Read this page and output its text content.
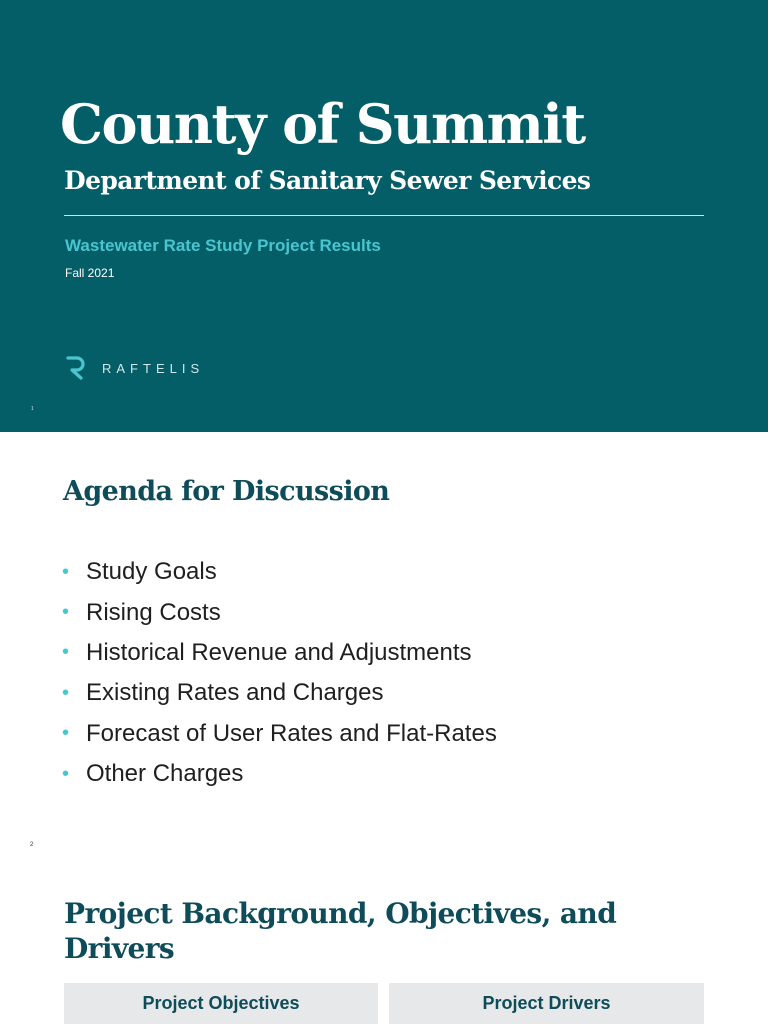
County of Summit
Department of Sanitary Sewer Services
Wastewater Rate Study Project Results
Fall 2021
RAFTELIS
1
Agenda for Discussion
• Study Goals
• Rising Costs
• Historical Revenue and Adjustments
• Existing Rates and Charges
• Forecast of User Rates and Flat-Rates
• Other Charges
2
Project Background, Objectives, and Drivers
Project Objectives	Project Drivers
